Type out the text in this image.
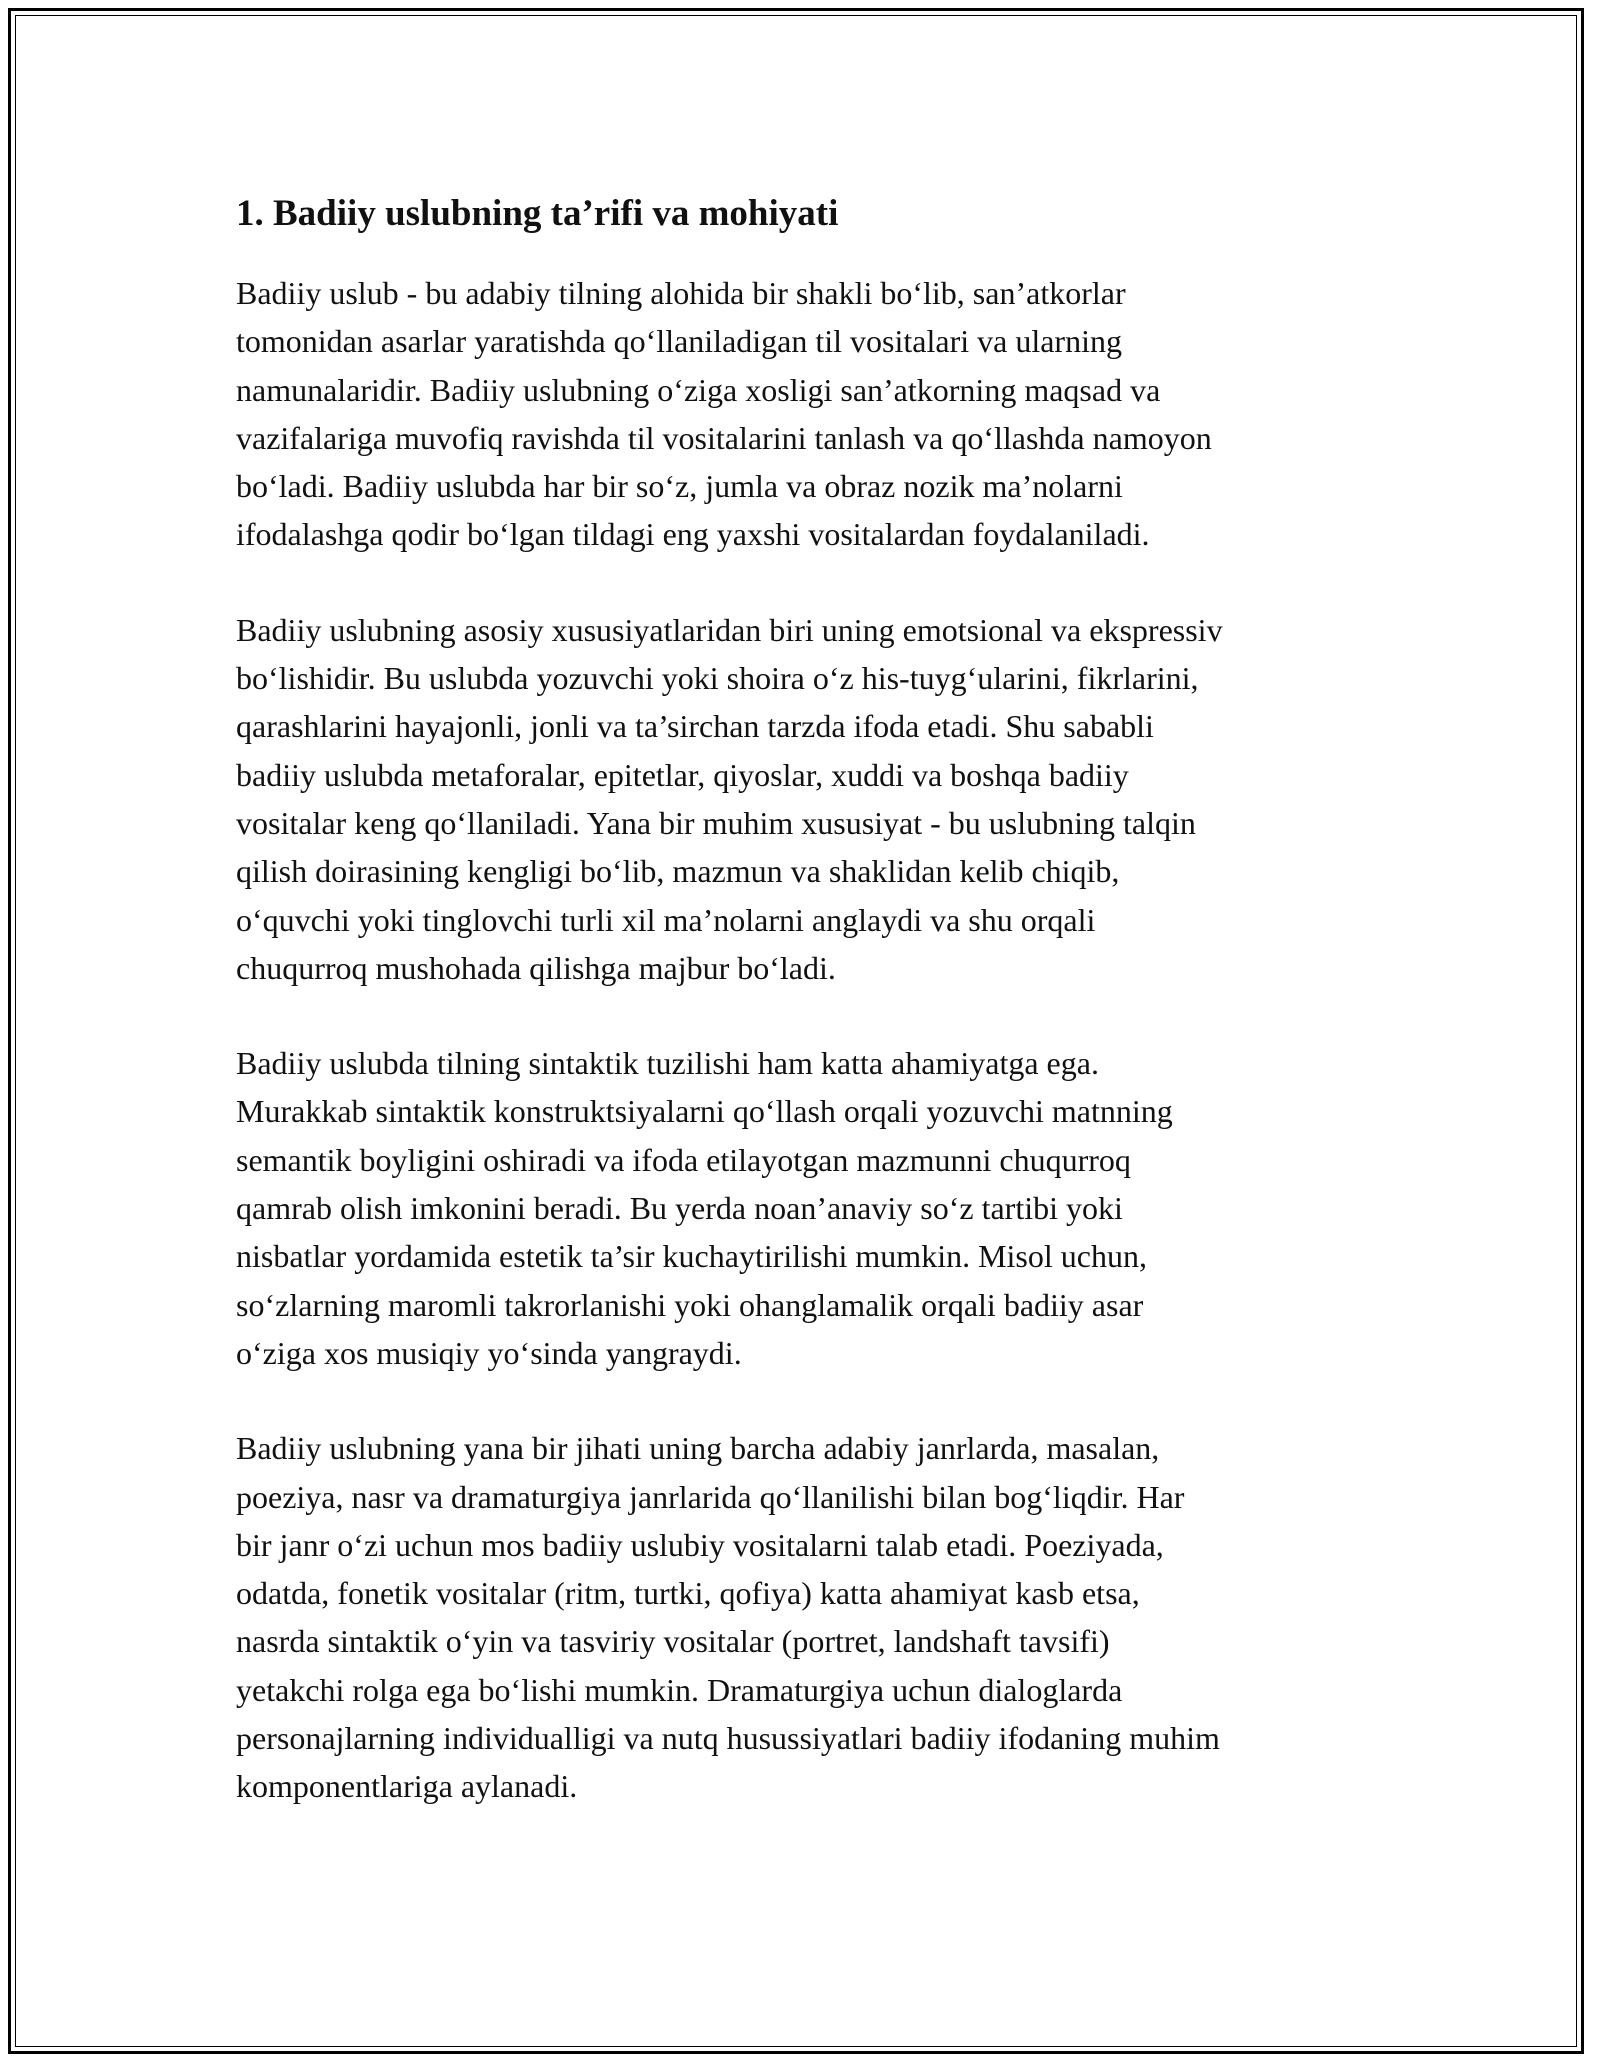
1. Badiiy uslubning ta’rifi va mohiyati
Badiiy uslub - bu adabiy tilning alohida bir shakli bo‘lib, san’atkorlar
tomonidan asarlar yaratishda qo‘llaniladigan til vositalari va ularning
namunalaridir. Badiiy uslubning o‘ziga xosligi san’atkorning maqsad va
vazifalariga muvofiq ravishda til vositalarini tanlash va qo‘llashda namoyon
bo‘ladi. Badiiy uslubda har bir so‘z, jumla va obraz nozik ma’nolarni
ifodalashga qodir bo‘lgan tildagi eng yaxshi vositalardan foydalaniladi.
Badiiy uslubning asosiy xususiyatlaridan biri uning emotsional va ekspressiv
bo‘lishidir. Bu uslubda yozuvchi yoki shoira o‘z his-tuyg‘ularini, fikrlarini,
qarashlarini hayajonli, jonli va ta’sirchan tarzda ifoda etadi. Shu sababli
badiiy uslubda metaforalar, epitetlar, qiyoslar, xuddi va boshqa badiiy
vositalar keng qo‘llaniladi. Yana bir muhim xususiyat - bu uslubning talqin
qilish doirasining kengligi bo‘lib, mazmun va shaklidan kelib chiqib,
o‘quvchi yoki tinglovchi turli xil ma’nolarni anglaydi va shu orqali
chuqurroq mushohada qilishga majbur bo‘ladi.
Badiiy uslubda tilning sintaktik tuzilishi ham katta ahamiyatga ega.
Murakkab sintaktik konstruktsiyalarni qo‘llash orqali yozuvchi matnning
semantik boyligini oshiradi va ifoda etilayotgan mazmunni chuqurroq
qamrab olish imkonini beradi. Bu yerda noan’anaviy so‘z tartibi yoki
nisbatlar yordamida estetik ta’sir kuchaytirilishi mumkin. Misol uchun,
so‘zlarning maromli takrorlanishi yoki ohanglamalik orqali badiiy asar
o‘ziga xos musiqiy yo‘sinda yangraydi.
Badiiy uslubning yana bir jihati uning barcha adabiy janrlarda, masalan,
poeziya, nasr va dramaturgiya janrlarida qo‘llanilishi bilan bog‘liqdir. Har
bir janr o‘zi uchun mos badiiy uslubiy vositalarni talab etadi. Poeziyada,
odatda, fonetik vositalar (ritm, turtki, qofiya) katta ahamiyat kasb etsa,
nasrda sintaktik o‘yin va tasviriy vositalar (portret, landshaft tavsifi)
yetakchi rolga ega bo‘lishi mumkin. Dramaturgiya uchun dialoglarda
personajlarning individualligi va nutq husussiyatlari badiiy ifodaning muhim
komponentlariga aylanadi.
